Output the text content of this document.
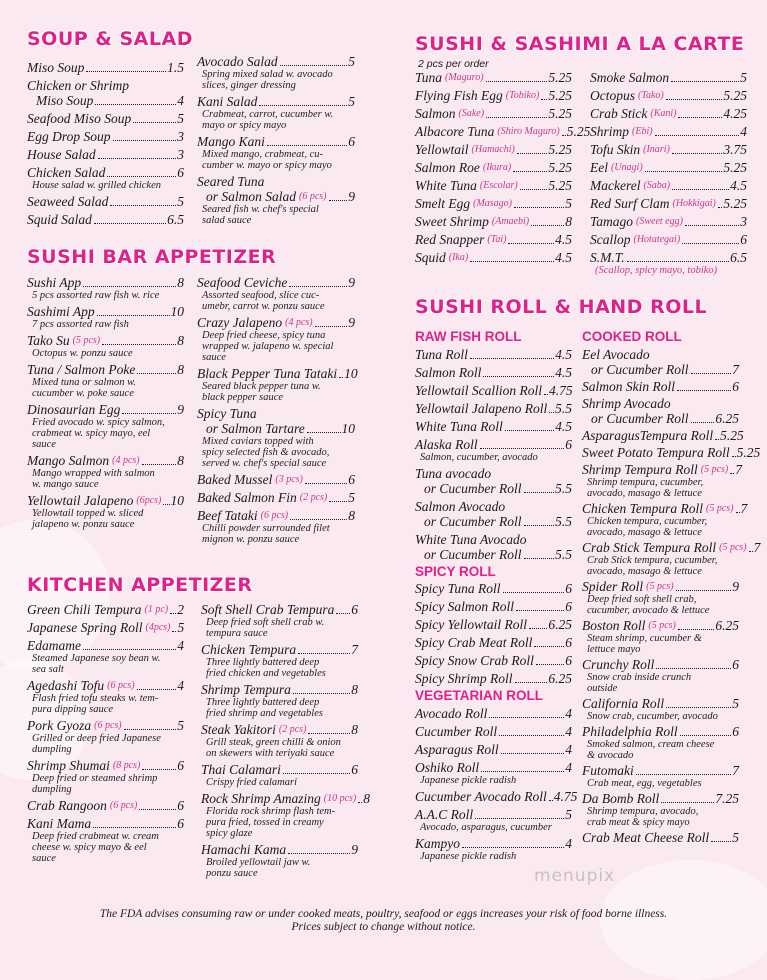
SOUP & SALAD
Miso Soup	1.5
Chicken or Shrimp
Miso Soup	4
Seafood Miso Soup	5
Egg Drop Soup	3
House Salad	3
Chicken Salad	6
House salad w. grilled chicken
Seaweed Salad	5
Squid Salad	6.5
Avocado Salad	5
Spring mixed salad w. avocado
slices, ginger dressing
Kani Salad	5
Crabmeat, carrot, cucumber w.
mayo or spicy mayo
Mango Kani	6
Mixed mango, crabmeat, cu-
cumber w. mayo or spicy mayo
Seared Tuna
or Salmon Salad (6 pcs) 9
Seared fish w. chef's special
salad sauce
SUSHI BAR APPETIZER
Sushi App	8
5 pcs assorted raw fish w. rice
Sashimi App	10
7 pcs assorted raw fish
Tako Su (5 pcs)	8
Octopus w. ponzu sauce
Tuna / Salmon Poke	8
Mixed tuna or salmon w.
cucumber w. poke sauce
Dinosaurian Egg	9
Fried avocado w. spicy salmon,
crabmeat w. spicy mayo, eel
sauce
Mango Salmon (4 pcs)	8
Mango wrapped with salmon
w. mango sauce
Yellowtail Jalapeno (6pcs) 10
Yellowtail topped w. sliced
jalapeno w. ponzu sauce
Seafood Ceviche	9
Assorted seafood, slice cuc-
umebr, carrot w. ponzu sauce
Crazy Jalapeno (4 pcs)	9
Deep fried cheese, spicy tuna
wrapped w. jalapeno w. special
sauce
Black Pepper Tuna Tataki 10
Seared black pepper tuna w.
black pepper sauce
Spicy Tuna
or Salmon Tartare	10
Mixed caviars topped with
spicy selected fish & avocado,
served w. chef's special sauce
Baked Mussel (3 pcs)	6
Baked Salmon Fin (2 pcs) 5
Beef Tataki (6 pcs)	8
Chilli powder surrounded filet
mignon w. ponzu sauce
KITCHEN APPETIZER
Green Chili Tempura (1 pc) 2
Japanese Spring Roll (4pcs) 5
Edamame	4
Steamed Japanese soy bean w.
sea salt
Agedashi Tofu (6 pcs)	4
Flash fried tofu steaks w. tem-
pura dipping sauce
Pork Gyoza (6 pcs)	5
Grilled or deep fried Japanese
dumpling
Shrimp Shumai (8 pcs)	6
Deep fried or steamed shrimp
dumpling
Crab Rangoon (6 pcs)	6
Kani Mama	6
Deep fried crabmeat w. cream
cheese w. spicy mayo & eel
sauce
Soft Shell Crab Tempura 6
Deep fried soft shell crab w.
tempura sauce
Chicken Tempura	7
Three lightly battered deep
fried chicken and vegetables
Shrimp Tempura	8
Three lightly battered deep
fried shrimp and vegetables
Steak Yakitori (2 pcs)	8
Grill steak, green chilli & onion
on skewers with teriyaki sauce
Thai Calamari	6
Crispy fried calamari
Rock Shrimp Amazing (10 pcs) 8
Florida rock shrimp flash tem-
pura fried, tossed in creamy
spicy glaze
Hamachi Kama	9
Broiled yellowtail jaw w.
ponzu sauce
SUSHI & SASHIMI A LA CARTE
2 pcs per order
Tuna (Maguro)	5.25
Flying Fish Egg (Tobiko) 5.25
Salmon (Sake)	5.25
Albacore Tuna (Shiro Maguro) 5.25
Yellowtail (Hamachi) 5.25
Salmon Roe (Ikura)	5.25
White Tuna (Escolar) 5.25
Smelt Egg (Masago)	5
Sweet Shrimp (Amaebi)	8
Red Snapper (Tai)	4.5
Squid (Ika)	4.5
Smoke Salmon	5
Octopus (Tako)	5.25
Crab Stick (Kani)	4.25
Shrimp (Ebi)	4
Tofu Skin (Inari)	3.75
Eel (Unagi)	5.25
Mackerel (Saba)	4.5
Red Surf Clam (Hokkigai) 5.25
Tamago (Sweet egg)	3
Scallop (Hotategai)	6
S.M.T.	6.5
(Scallop, spicy mayo, tobiko)
SUSHI ROLL & HAND ROLL
RAW FISH ROLL
Tuna Roll	4.5
Salmon Roll	4.5
Yellowtail Scallion Roll 4.75
Yellowtail Jalapeno Roll 5.5
White Tuna Roll	4.5
Alaska Roll	6
Salmon, cucumber, avocado
Tuna avocado
or Cucumber Roll 5.5
Salmon Avocado
or Cucumber Roll 5.5
White Tuna Avocado
or Cucumber Roll 5.5
SPICY ROLL
Spicy Tuna Roll	6
Spicy Salmon Roll	6
Spicy Yellowtail Roll 6.25
Spicy Crab Meat Roll 6
Spicy Snow Crab Roll 6
Spicy Shrimp Roll	6.25
VEGETARIAN ROLL
Avocado Roll	4
Cucumber Roll	4
Asparagus Roll	4
Oshiko Roll	4
Japanese pickle radish
Cucumber Avocado Roll 4.75
A.A.C Roll	5
Avocado, asparagus, cucumber
Kampyo	4
Japanese pickle radish
COOKED ROLL
Eel Avocado
or Cucumber Roll	7
Salmon Skin Roll	6
Shrimp Avocado
or Cucumber Roll 6.25
AsparagusTempura Roll 5.25
Sweet Potato Tempura Roll 5.25
Shrimp Tempura Roll (5 pcs) 7
Shrimp tempura, cucumber,
avocado, masago & lettuce
Chicken Tempura Roll (5 pcs) 7
Chicken tempura, cucumber,
avocado, masago & lettuce
Crab Stick Tempura Roll (5 pcs) 7
Crab Stick tempura, cucumber,
avocado, masago & lettuce
Spider Roll (5 pcs)	9
Deep fried soft shell crab,
cucumber, avocado & lettuce
Boston Roll (5 pcs)	6.25
Steam shrimp, cucumber &
lettuce mayo
Crunchy Roll	6
Snow crab inside crunch
outside
California Roll	5
Snow crab, cucumber, avocado
Philadelphia Roll	6
Smoked salmon, cream cheese
& avocado
Futomaki	7
Crab meat, egg, vegetables
Da Bomb Roll	7.25
Shrimp tempura, avocado,
crab meat & spicy mayo
Crab Meat Cheese Roll 5
The FDA advises consuming raw or under cooked meats, poultry, seafood or eggs increases your risk of food borne illness.
Prices subject to change without notice.
menupix
